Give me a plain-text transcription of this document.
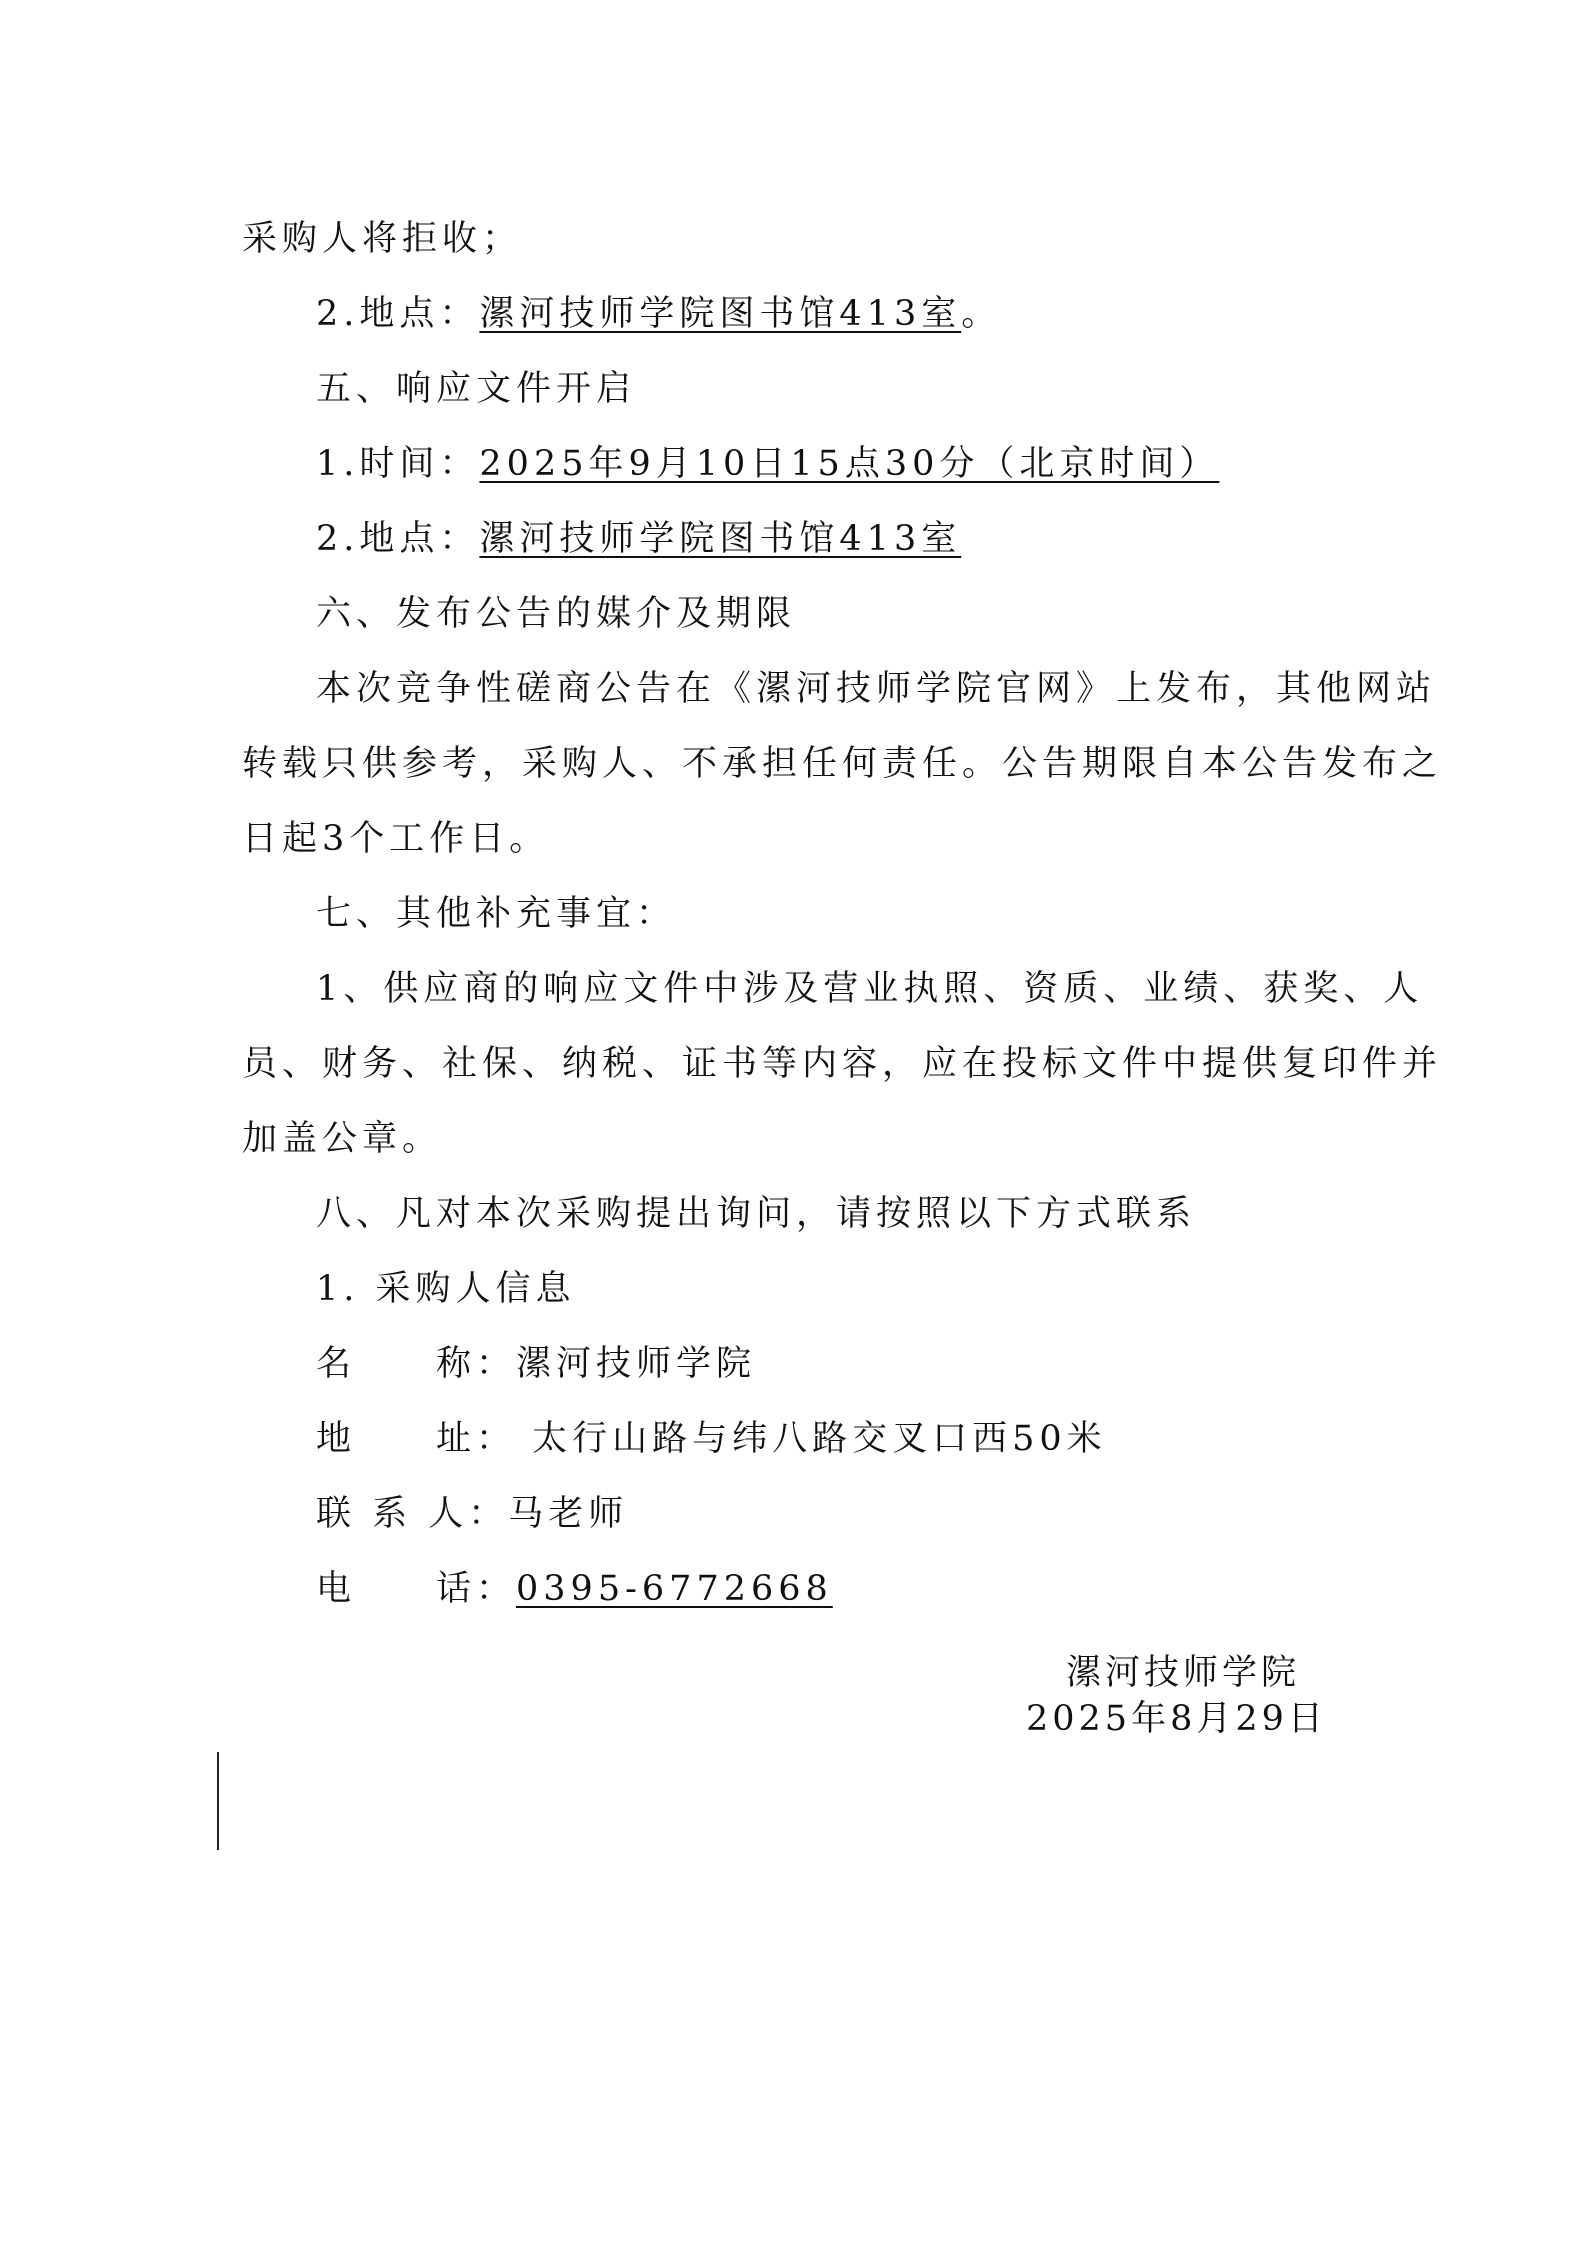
采购人将拒收；
2.地点：漯河技师学院图书馆413室。
五、响应文件开启
1.时间：2025年9月10日15点30分（北京时间）
2.地点：漯河技师学院图书馆413室
六、发布公告的媒介及期限
本次竞争性磋商公告在《漯河技师学院官网》上发布，其他网站
转载只供参考，采购人、不承担任何责任。公告期限自本公告发布之
日起3个工作日。
七、其他补充事宜：
1、供应商的响应文件中涉及营业执照、资质、业绩、获奖、人
员、财务、社保、纳税、证书等内容，应在投标文件中提供复印件并
加盖公章。
八、凡对本次采购提出询问，请按照以下方式联系
1. 采购人信息
名　　称：漯河技师学院
地　　址： 太行山路与纬八路交叉口西50米
联 系 人：马老师
电　　话：0395-6772668
漯河技师学院
2025年8月29日
